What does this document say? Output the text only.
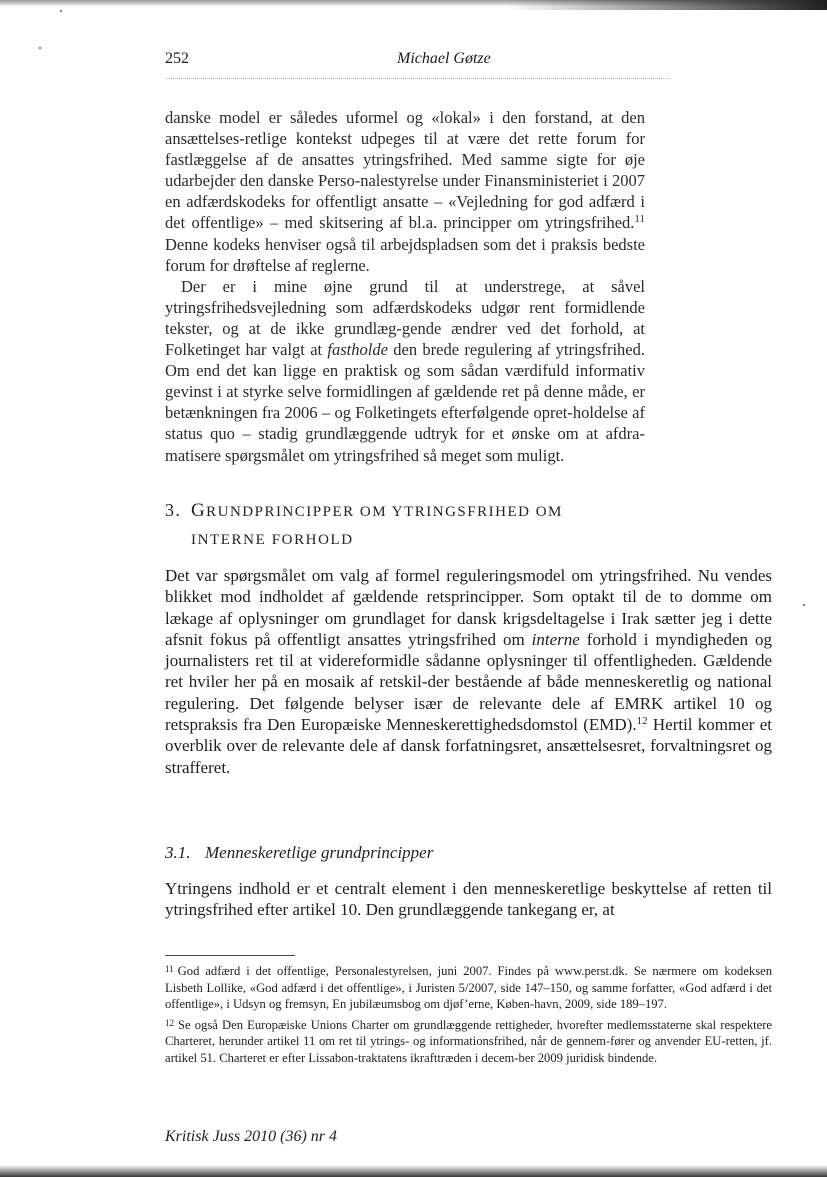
252	Michael Gøtze

danske model er således uformel og «lokal» i den forstand, at den ansættelses-retlige kontekst udpeges til at være det rette forum for fastlæggelse af de ansattes ytringsfrihed. Med samme sigte for øje udarbejder den danske Perso-nalestyrelse under Finansministeriet i 2007 en adfærdskodeks for offentligt ansatte – «Vejledning for god adfærd i det offentlige» – med skitsering af bl.a. principper om ytringsfrihed.$^{11}$ Denne kodeks henviser også til arbejdspladsen som det i praksis bedste forum for drøftelse af reglerne.

Der er i mine øjne grund til at understrege, at såvel ytringsfrihedsvejledning som adfærdskodeks udgør rent formidlende tekster, og at de ikke grundlæg-gende ændrer ved det forhold, at Folketinget har valgt at fastholde den brede regulering af ytringsfrihed. Om end det kan ligge en praktisk og som sådan værdifuld informativ gevinst i at styrke selve formidlingen af gældende ret på denne måde, er betænkningen fra 2006 – og Folketingets efterfølgende opret-holdelse af status quo – stadig grundlæggende udtryk for et ønske om at afdra-matisere spørgsmålet om ytringsfrihed så meget som muligt.

3. GRUNDPRINCIPPER OM YTRINGSFRIHED OM
INTERNE FORHOLD

Det var spørgsmålet om valg af formel reguleringsmodel om ytringsfrihed. Nu vendes blikket mod indholdet af gældende retsprincipper. Som optakt til de to domme om lækage af oplysninger om grundlaget for dansk krigsdeltagelse i Irak sætter jeg i dette afsnit fokus på offentligt ansattes ytringsfrihed om interne forhold i myndigheden og journalisters ret til at videreformidle sådanne oplysninger til offentligheden. Gældende ret hviler her på en mosaik af retskil-der bestående af både menneskeretlig og national regulering. Det følgende belyser især de relevante dele af EMRK artikel 10 og retspraksis fra Den Europæiske Menneskerettighedsdomstol (EMD).$^{12}$ Hertil kommer et overblik over de relevante dele af dansk forfatningsret, ansættelsesret, forvaltningsret og strafferet.

3.1. Menneskeretlige grundprincipper

Ytringens indhold er et centralt element i den menneskeretlige beskyttelse af retten til ytringsfrihed efter artikel 10. Den grundlæggende tankegang er, at

$^{11}$ God adfærd i det offentlige, Personalestyrelsen, juni 2007. Findes på www.perst.dk. Se nærmere om kodeksen Lisbeth Lollike, «God adfærd i det offentlige», i Juristen 5/2007, side 147–150, og samme forfatter, «God adfærd i det offentlige», i Udsyn og fremsyn, En jubilæumsbog om djøf’erne, Køben-havn, 2009, side 189–197.

$^{12}$ Se også Den Europæiske Unions Charter om grundlæggende rettigheder, hvorefter medlemsstaterne skal respektere Charteret, herunder artikel 11 om ret til ytrings- og informationsfrihed, når de gennem-fører og anvender EU-retten, jf. artikel 51. Charteret er efter Lissabon-traktatens ikrafttræden i decem-ber 2009 juridisk bindende.

Kritisk Juss 2010 (36) nr 4
